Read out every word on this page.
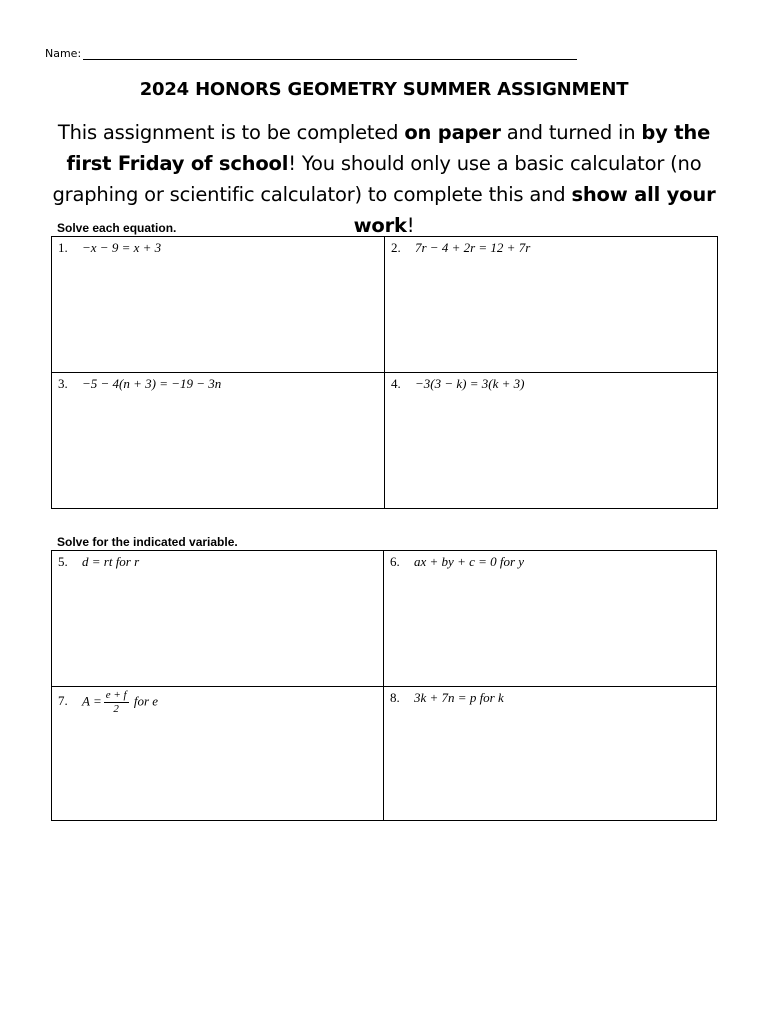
Name:
2024 HONORS GEOMETRY SUMMER ASSIGNMENT
This assignment is to be completed on paper and turned in by the first Friday of school! You should only use a basic calculator (no graphing or scientific calculator) to complete this and show all your work!
Solve each equation.
1. −x − 9 = x + 3	2. 7r − 4 + 2r = 12 + 7r

3. −5 − 4(n + 3) = −19 − 3n	4. −3(3 − k) = 3(k + 3)
Solve for the indicated variable.
5. d = rt for r	6. ax + by + c = 0 for y

7. $A = \frac{e + f}{2}$ for e	8. 3k + 7n = p for k
